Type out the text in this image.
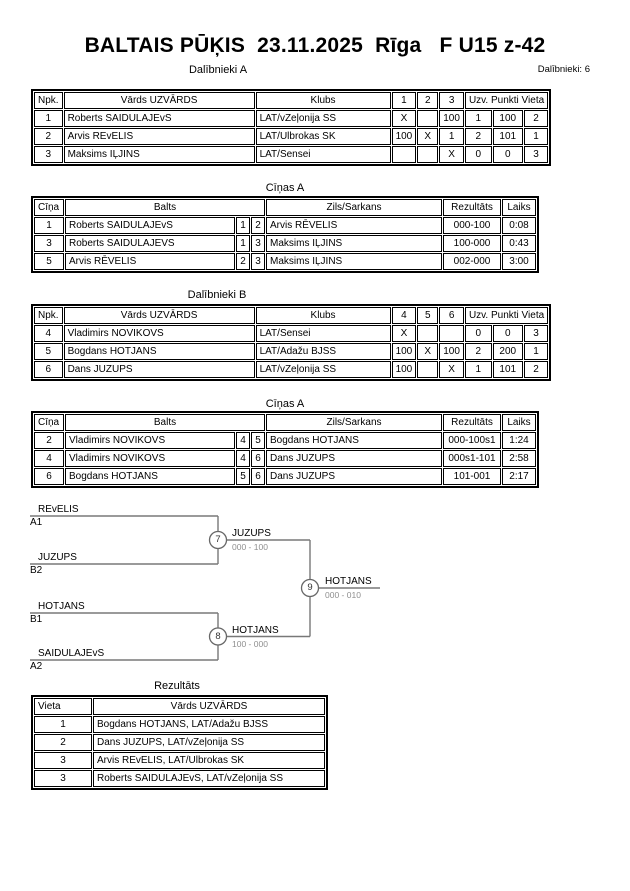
BALTAIS PŪĶIS  23.11.2025  Rīga   F U15 z-42
Dalībnieki A	Dalībnieki: 6
Npk.	Vārds UZVĀRDS	Klubs	1	2	3	Uzv. Punkti Vieta		
1	Roberts SAIDULAJEvS	LAT/vZeļonija SS	X		100	1	100	2
2	Arvis REvELIS	LAT/Ulbrokas SK	100	X	1	2	101	1
3	Maksims IĻJINS	LAT/Sensei			X	0	0	3
Cīņas A
Cīņa	Balts			Zils/Sarkans	Rezultāts	Laiks
1	Roberts SAIDULAJEvS	1	2	Arvis RĒVELIS	000-100	0:08
3	Roberts SAIDULAJEVS	1	3	Maksims IĻJINS	100-000	0:43
5	Arvis RĒVELIS	2	3	Maksims IĻJINS	002-000	3:00
Dalībnieki B
Npk.	Vārds UZVĀRDS	Klubs	4	5	6	Uzv. Punkti Vieta		
4	Vladimirs NOVIKOVS	LAT/Sensei	X			0	0	3
5	Bogdans HOTJANS	LAT/Adažu BJSS	100	X	100	2	200	1
6	Dans JUZUPS	LAT/vZeļonija SS	100		X	1	101	2
Cīņas A
Cīņa	Balts			Zils/Sarkans	Rezultāts	Laiks
2	Vladimirs NOVIKOVS	4	5	Bogdans HOTJANS	000-100s1	1:24
4	Vladimirs NOVIKOVS	4	6	Dans JUZUPS	000s1-101	2:58
6	Bogdans HOTJANS	5	6	Dans JUZUPS	101-001	2:17
REvELIS
A1
JUZUPS
B2
HOTJANS
B1
SAIDULAJEvS
A2
7
JUZUPS
000 - 100
8
HOTJANS
100 - 000
9
HOTJANS
000 - 010
Rezultāts
Vieta	Vārds UZVĀRDS
1	Bogdans HOTJANS, LAT/Adažu BJSS
2	Dans JUZUPS, LAT/vZeļonija SS
3	Arvis REvELIS, LAT/Ulbrokas SK
3	Roberts SAIDULAJEvS, LAT/vZeļonija SS
